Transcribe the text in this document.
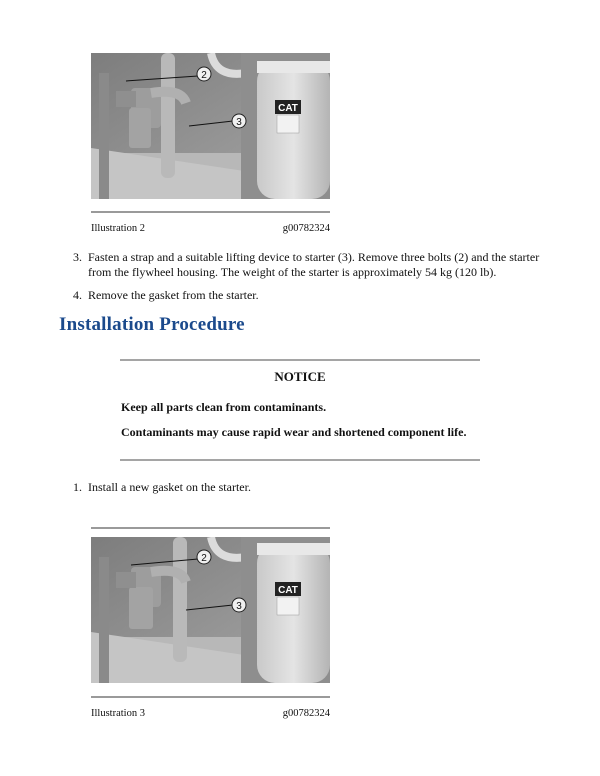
CAT
2
3
Illustration 2	g00782324
3. Fasten a strap and a suitable lifting device to starter (3). Remove three bolts (2) and the starter from the flywheel housing. The weight of the starter is approximately 54 kg (120 lb).
4. Remove the gasket from the starter.
Installation Procedure
NOTICE
Keep all parts clean from contaminants.
Contaminants may cause rapid wear and shortened component life.
1. Install a new gasket on the starter.
CAT
2
3
Illustration 3	g00782324
